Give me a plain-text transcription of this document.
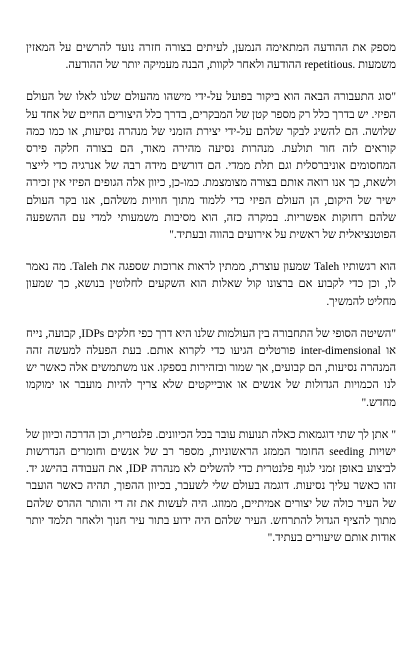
מספק את ההודעה המתאימה הנמען, לעיתים בצורה חזרה נועד להרשים על המאזין משמעות .repetitious ההודעה ולאחר לקוות, הבנה מעמיקה יותר של ההודעה.

"סוג התעבורה הבאה הוא ביקור בפועל על-ידי מישהו מהעולם שלנו לאלו של העולם הפיזי. יש בדרך כלל רק מספר קטן של המבקרים, בדרך כלל היצורים החיים של אחד על שלושה. הם להשיג לבקר שלהם על-ידי יצירת הזמני של מנהרה נסיעות, או כמו כמה קוראים לזה חור תולעת. מנהרות נסיעה מהירה מאוד, הם בצורה חלקה פירס המחסומים אוניברסלית וגם תלת ממדי. הם דורשים מידה רבה של אנרגיה כדי לייצר ולשאת, כך אנו רואה אותם בצורה מצומצמת. כמו-כן, כיוון אלה הגופים הפיזי אין זכירה ישיר של היקום, הן העולם הפיזי כדי ללמוד מתוך חוויות משלהם, אנו בקר העולם שלהם רחוקות אפשריות. במקרה כזה, הוא מסיבות משמעותי למדי עם ההשפעה הפוטנציאלית של ראשית על אירועים בהווה ובעתיד."

הוא רגשותיו Taleh שמעון עוצרת, ממתין לראות ארוכות שספגה את Taleh. מה נאמר לו, וכן כדי לקבוע אם ברצונו קול שאלות הוא השקעים לחלוטין בנושא, כך שמעון מחליט להמשיך.

"השיטה הסופי של התחבורה בין העולמות שלנו היא דרך כפי חלקים IDPs, קבועה, נייח או inter-dimensional פורטלים הגיעו כדי לקרוא אותם. בעת הפעלה למעשה זהה המנהרה נסיעות, הם קבועים, אך שמור ובזהירות בספקו. אנו משתמשים אלה כאשר יש לנו הכמויות הגדולות של אנשים או אובייקטים שלא צריך להיות מועבר או ימוקמו מחדש."

" אתן לך שתי דוגמאות כאלה תנועות עובר בכל הכיוונים. פלנטרית, וכן הדרכה וכיוון של ישויות seeding החומר הממזג הראשוניות, מספר רב של אנשים וחומרים הנדרשות לביצוע באופן זמני לגוף פלנטרית כדי להשלים לא מנהרה IDP, את העבודה בהישג יד. זהו כאשר עליך נסיעות. דוגמה בעולם שלי לשעבר, בכיוון ההפוך, תהיה כאשר הועבר של העיר כולה של יצורים אמיתיים, ממוזג. היה לעשות את זה די והותר ההרס שלהם מתוך להציף הגדול להתרחש. העיר שלהם היה ידוע בתור עיר חנוך ולאחר תלמד יותר אודות אותם שיעורים בעתיד."
